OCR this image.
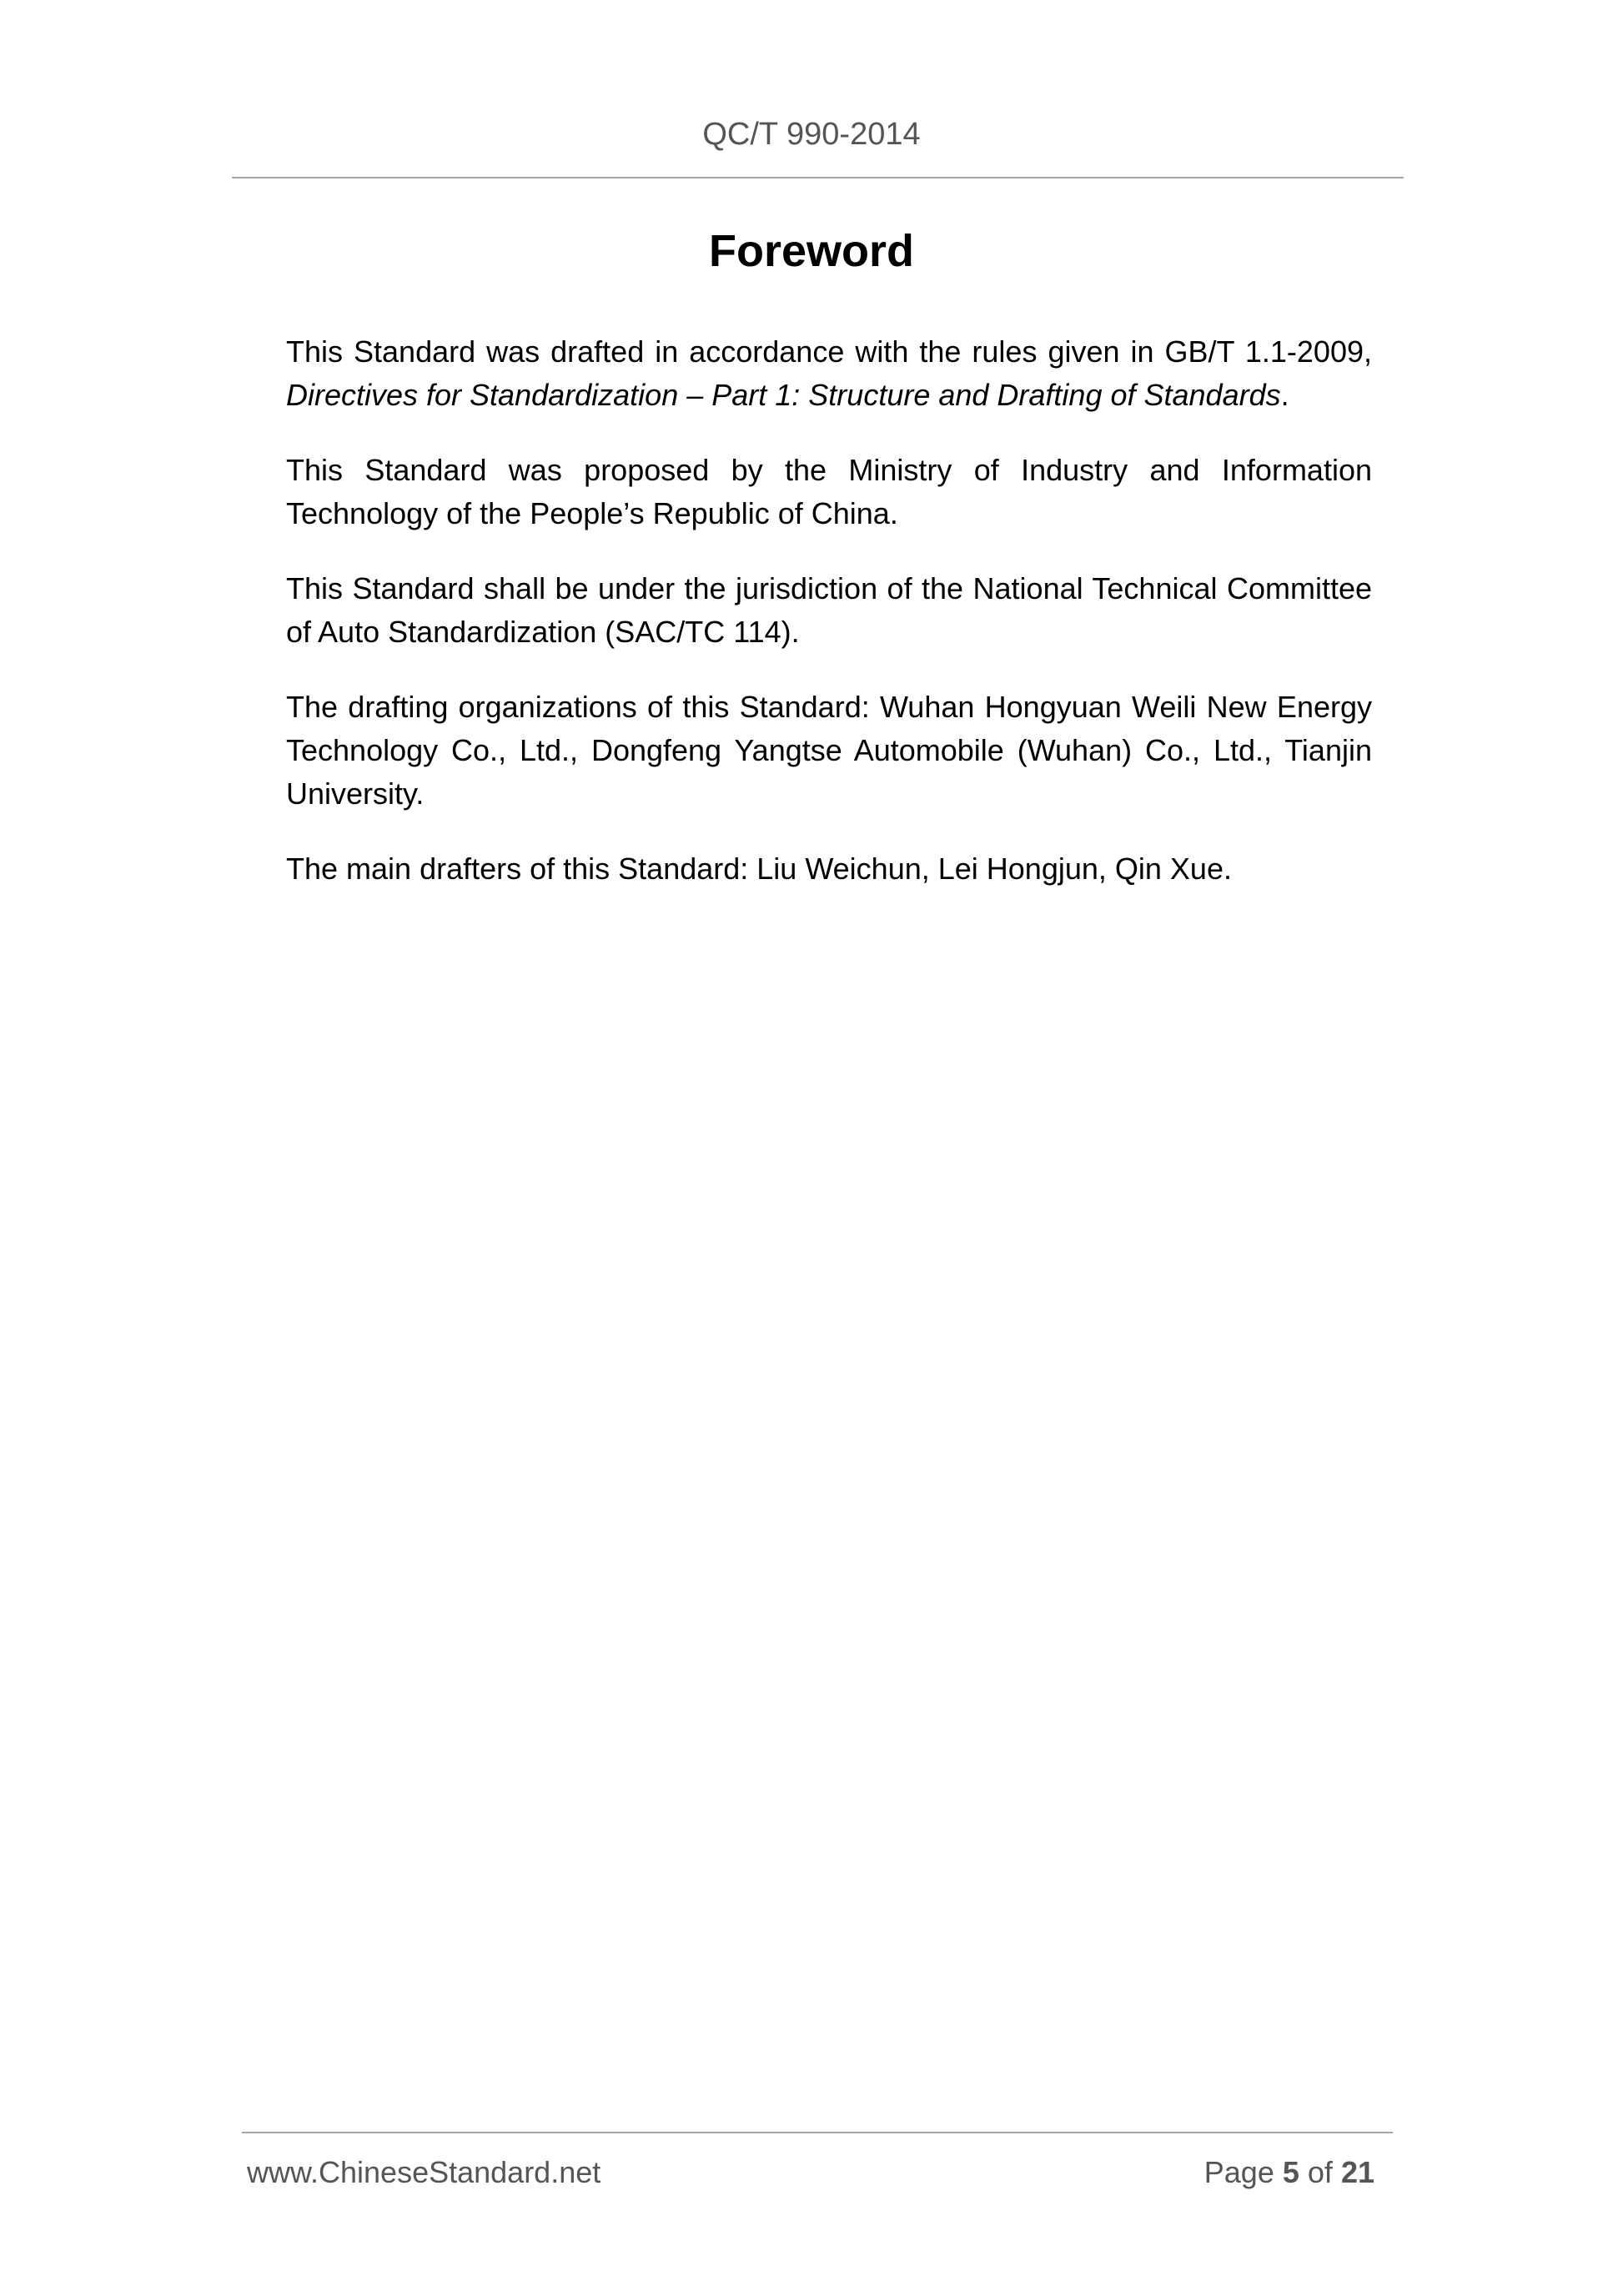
QC/T 990-2014
Foreword

This Standard was drafted in accordance with the rules given in GB/T 1.1-2009, Directives for Standardization – Part 1: Structure and Drafting of Standards.

This Standard was proposed by the Ministry of Industry and Information Technology of the People’s Republic of China.

This Standard shall be under the jurisdiction of the National Technical Committee of Auto Standardization (SAC/TC 114).

The drafting organizations of this Standard: Wuhan Hongyuan Weili New Energy Technology Co., Ltd., Dongfeng Yangtse Automobile (Wuhan) Co., Ltd., Tianjin University.

The main drafters of this Standard: Liu Weichun, Lei Hongjun, Qin Xue.

www.ChineseStandard.net	Page 5 of 21
